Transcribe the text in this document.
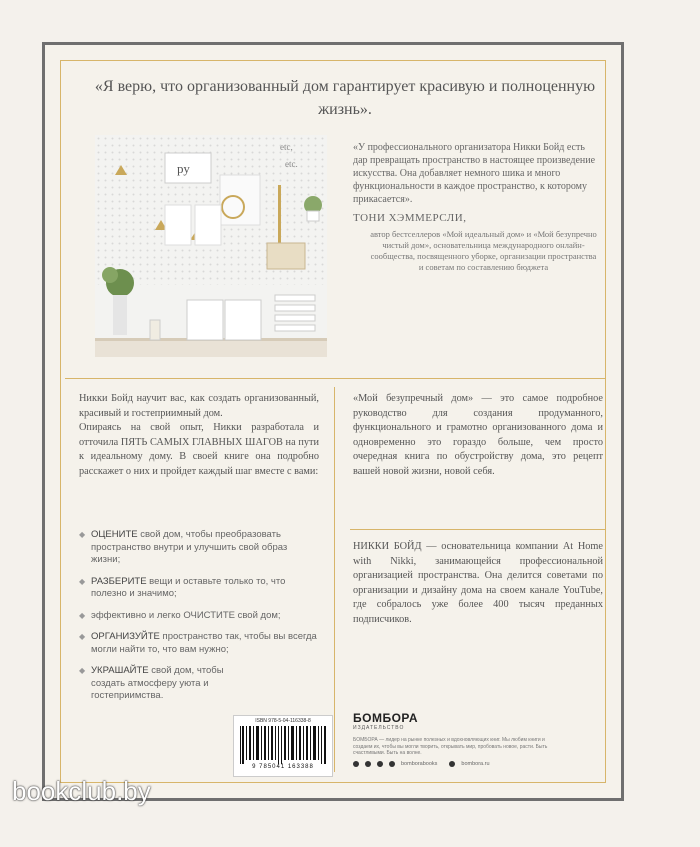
«Я верю, что организованный дом гарантирует красивую и полноценную жизнь».
ру
etc,
etc.
«У профессионального организатора Никки Бойд есть дар превращать пространство в настоящее произведение искусства. Она добавляет немного шика и много функциональности в каждое пространство, к которому прикасается».
ТОНИ ХЭММЕРСЛИ,
автор бестселлеров «Мой идеальный дом» и «Мой безупречно чистый дом», основательница международного онлайн-сообщества, посвященного уборке, организации пространства и советам по составлению бюджета
Никки Бойд научит вас, как создать организованный, красивый и гостеприимный дом.
Опираясь на свой опыт, Никки разработала и отточила ПЯТЬ САМЫХ ГЛАВНЫХ ШАГОВ на пути к идеальному дому. В своей книге она подробно расскажет о них и пройдет каждый шаг вместе с вами:
◆ ОЦЕНИТЕ свой дом, чтобы преобразовать пространство внутри и улучшить свой образ жизни;
◆ РАЗБЕРИТЕ вещи и оставьте только то, что полезно и значимо;
◆ эффективно и легко ОЧИСТИТЕ свой дом;
◆ ОРГАНИЗУЙТЕ пространство так, чтобы вы всегда могли найти то, что вам нужно;
◆ УКРАШАЙТЕ свой дом, чтобы создать атмосферу уюта и гостеприимства.
«Мой безупречный дом» — это самое подробное руководство для создания продуманного, функционального и грамотно организованного дома и одновременно это гораздо больше, чем просто очередная книга по обустройству дома, это рецепт вашей новой жизни, новой себя.
НИККИ БОЙД — основательница компании At Home with Nikki, занимающейся профессиональной организацией пространства. Она делится советами по организации и дизайну дома на своем канале YouTube, где собралось уже более 400 тысяч преданных подписчиков.
ISBN 978-5-04-116338-8
9 785041 163388
БОМБОРА
ИЗДАТЕЛЬСТВО
БОМБОРА — лидер на рынке полезных и вдохновляющих книг. Мы любим книги и создаем их, чтобы вы могли творить, открывать мир, пробовать новое, расти. Быть счастливыми. Быть на волне.
bomborabooks	bombora.ru
bookclub.by
